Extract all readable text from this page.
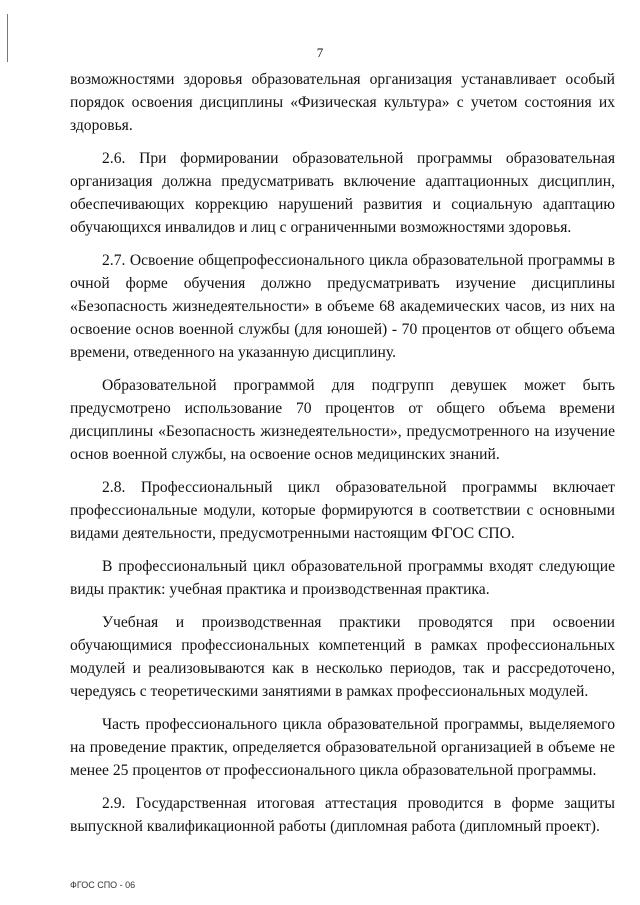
7

возможностями здоровья образовательная организация устанавливает особый порядок освоения дисциплины «Физическая культура» с учетом состояния их здоровья.

2.6. При формировании образовательной программы образовательная организация должна предусматривать включение адаптационных дисциплин, обеспечивающих коррекцию нарушений развития и социальную адаптацию обучающихся инвалидов и лиц с ограниченными возможностями здоровья.

2.7. Освоение общепрофессионального цикла образовательной программы в очной форме обучения должно предусматривать изучение дисциплины «Безопасность жизнедеятельности» в объеме 68 академических часов, из них на освоение основ военной службы (для юношей) - 70 процентов от общего объема времени, отведенного на указанную дисциплину.

Образовательной программой для подгрупп девушек может быть предусмотрено использование 70 процентов от общего объема времени дисциплины «Безопасность жизнедеятельности», предусмотренного на изучение основ военной службы, на освоение основ медицинских знаний.

2.8. Профессиональный цикл образовательной программы включает профессиональные модули, которые формируются в соответствии с основными видами деятельности, предусмотренными настоящим ФГОС СПО.

В профессиональный цикл образовательной программы входят следующие виды практик: учебная практика и производственная практика.

Учебная и производственная практики проводятся при освоении обучающимися профессиональных компетенций в рамках профессиональных модулей и реализовываются как в несколько периодов, так и рассредоточено, чередуясь с теоретическими занятиями в рамках профессиональных модулей.

Часть профессионального цикла образовательной программы, выделяемого на проведение практик, определяется образовательной организацией в объеме не менее 25 процентов от профессионального цикла образовательной программы.

2.9. Государственная итоговая аттестация проводится в форме защиты выпускной квалификационной работы (дипломная работа (дипломный проект).

ФГОС СПО - 06
